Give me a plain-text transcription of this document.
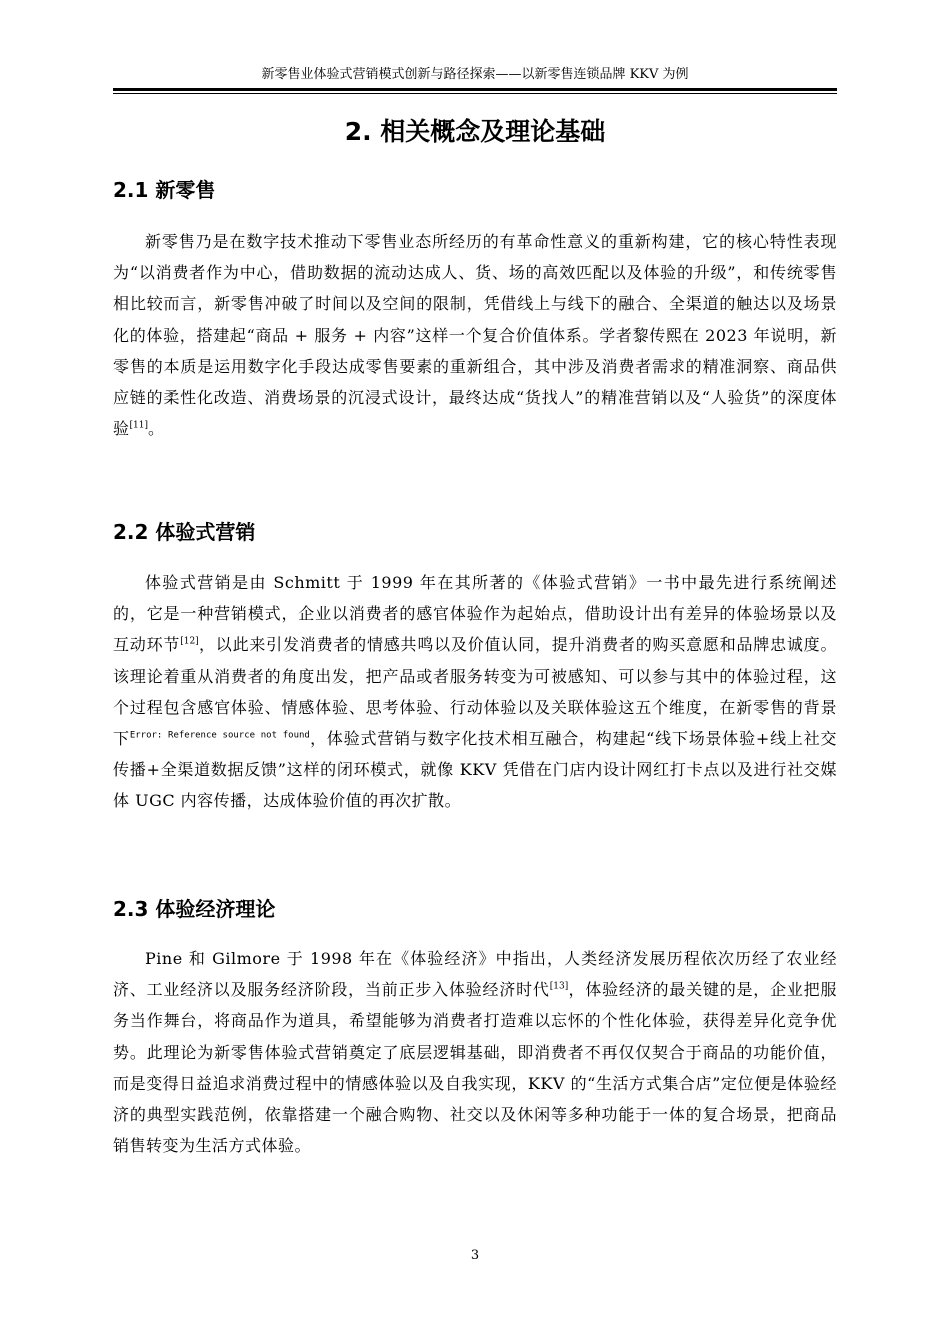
新零售业体验式营销模式创新与路径探索——以新零售连锁品牌 KKV 为例
2. 相关概念及理论基础
2.1 新零售

新零售乃是在数字技术推动下零售业态所经历的有革命性意义的重新构建，它的核心特性表现为“以消费者作为中心，借助数据的流动达成人、货、场的高效匹配以及体验的升级”，和传统零售相比较而言，新零售冲破了时间以及空间的限制，凭借线上与线下的融合、全渠道的触达以及场景化的体验，搭建起“商品 + 服务 + 内容”这样一个复合价值体系。学者黎传熙在 2023 年说明，新零售的本质是运用数字化手段达成零售要素的重新组合，其中涉及消费者需求的精准洞察、商品供应链的柔性化改造、消费场景的沉浸式设计，最终达成“货找人”的精准营销以及“人验货”的深度体验[11]。

2.2 体验式营销

体验式营销是由 Schmitt 于 1999 年在其所著的《体验式营销》一书中最先进行系统阐述的，它是一种营销模式，企业以消费者的感官体验作为起始点，借助设计出有差异的体验场景以及互动环节[12]，以此来引发消费者的情感共鸣以及价值认同，提升消费者的购买意愿和品牌忠诚度。该理论着重从消费者的角度出发，把产品或者服务转变为可被感知、可以参与其中的体验过程，这个过程包含感官体验、情感体验、思考体验、行动体验以及关联体验这五个维度，在新零售的背景下$^{Error: Reference source not found}$，体验式营销与数字化技术相互融合，构建起“线下场景体验+线上社交传播+全渠道数据反馈”这样的闭环模式，就像 KKV 凭借在门店内设计网红打卡点以及进行社交媒体 UGC 内容传播，达成体验价值的再次扩散。

2.3 体验经济理论

Pine 和 Gilmore 于 1998 年在《体验经济》中指出，人类经济发展历程依次历经了农业经济、工业经济以及服务经济阶段，当前正步入体验经济时代[13]，体验经济的最关键的是，企业把服务当作舞台，将商品作为道具，希望能够为消费者打造难以忘怀的个性化体验，获得差异化竞争优势。此理论为新零售体验式营销奠定了底层逻辑基础，即消费者不再仅仅契合于商品的功能价值，而是变得日益追求消费过程中的情感体验以及自我实现，KKV 的“生活方式集合店”定位便是体验经济的典型实践范例，依靠搭建一个融合购物、社交以及休闲等多种功能于一体的复合场景，把商品销售转变为生活方式体验。

3
